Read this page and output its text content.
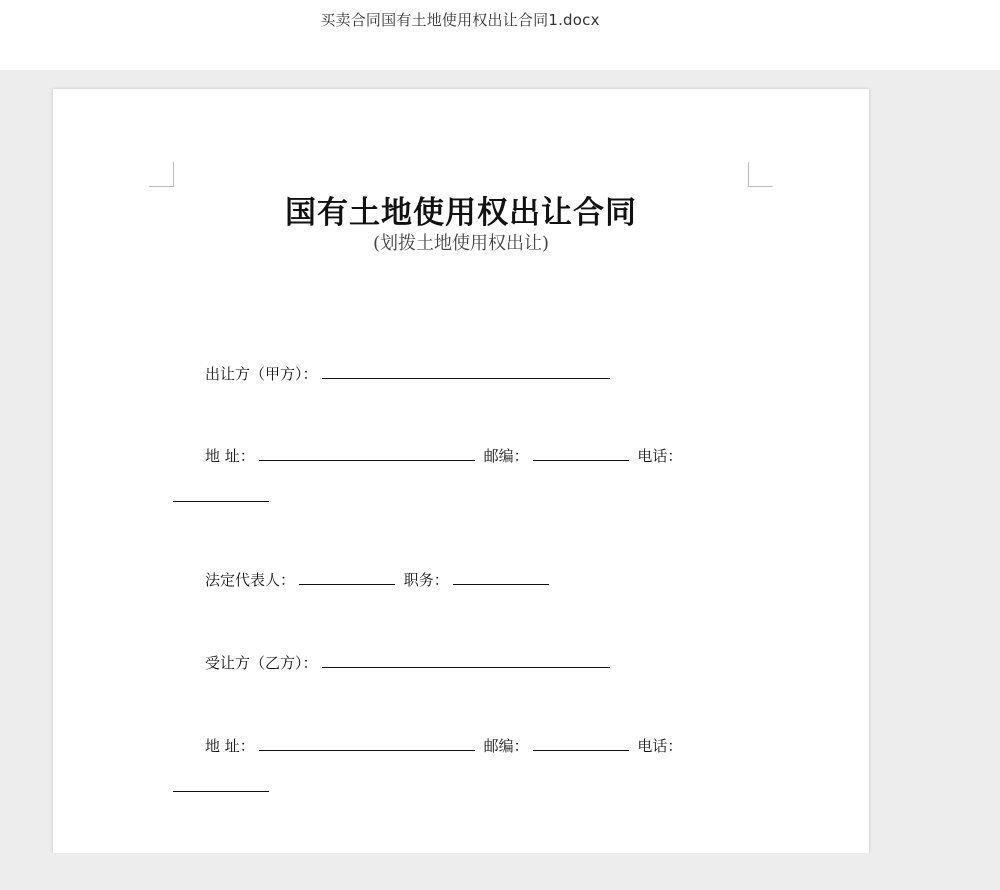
买卖合同国有土地使用权出让合同1.docx
国有土地使用权出让合同
(划拨土地使用权出让)
出让方（甲方）：
地 址：	邮编：	电话：
法定代表人：	职务：
受让方（乙方）：
地 址：	邮编：	电话：
